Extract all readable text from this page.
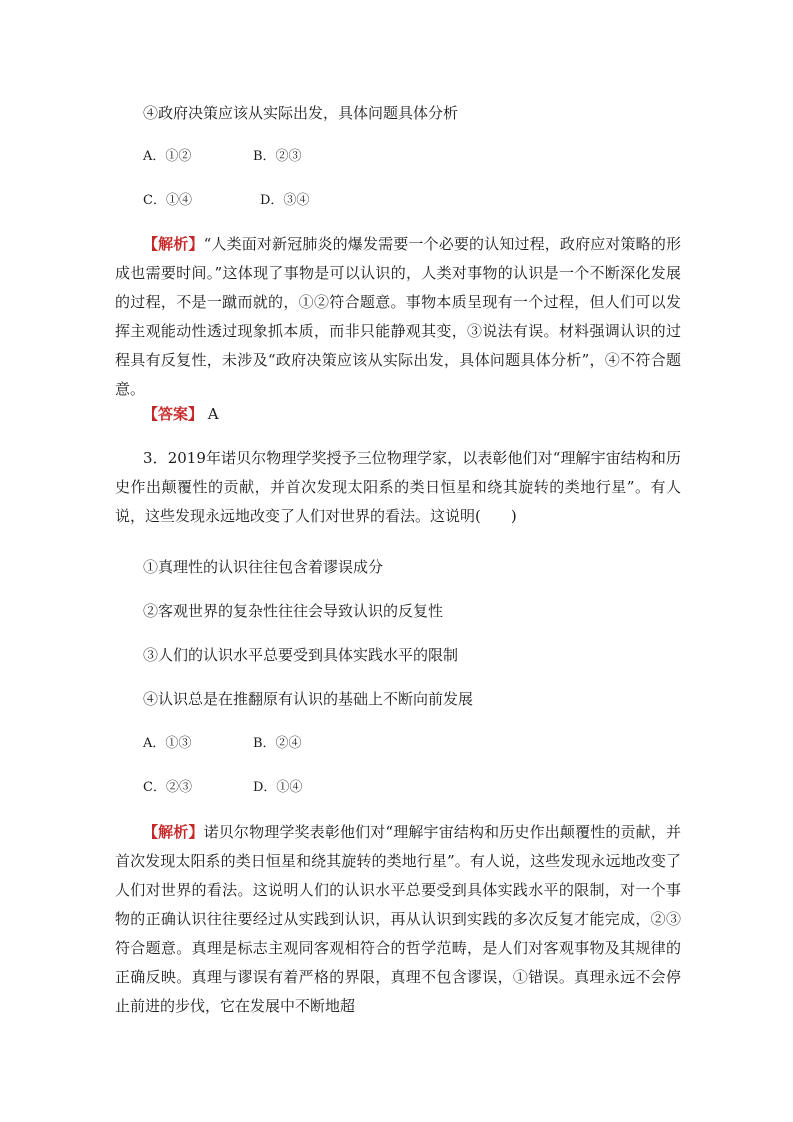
④政府决策应该从实际出发，具体问题具体分析
A．①②	B．②③
C．①④	D．③④
【解析】“人类面对新冠肺炎的爆发需要一个必要的认知过程，政府应对策略的形成也需要时间。”这体现了事物是可以认识的，人类对事物的认识是一个不断深化发展的过程，不是一蹴而就的，①②符合题意。事物本质呈现有一个过程，但人们可以发挥主观能动性透过现象抓本质，而非只能静观其变，③说法有误。材料强调认识的过程具有反复性，未涉及“政府决策应该从实际出发，具体问题具体分析”，④不符合题意。
【答案】 A
3．2019年诺贝尔物理学奖授予三位物理学家，以表彰他们对“理解宇宙结构和历史作出颠覆性的贡献，并首次发现太阳系的类日恒星和绕其旋转的类地行星”。有人说，这些发现永远地改变了人们对世界的看法。这说明(　　)
①真理性的认识往往包含着谬误成分
②客观世界的复杂性往往会导致认识的反复性
③人们的认识水平总要受到具体实践水平的限制
④认识总是在推翻原有认识的基础上不断向前发展
A．①③	B．②④
C．②③	D．①④
【解析】诺贝尔物理学奖表彰他们对“理解宇宙结构和历史作出颠覆性的贡献，并首次发现太阳系的类日恒星和绕其旋转的类地行星”。有人说，这些发现永远地改变了人们对世界的看法。这说明人们的认识水平总要受到具体实践水平的限制，对一个事物的正确认识往往要经过从实践到认识，再从认识到实践的多次反复才能完成，②③符合题意。真理是标志主观同客观相符合的哲学范畴，是人们对客观事物及其规律的正确反映。真理与谬误有着严格的界限，真理不包含谬误，①错误。真理永远不会停止前进的步伐，它在发展中不断地超
